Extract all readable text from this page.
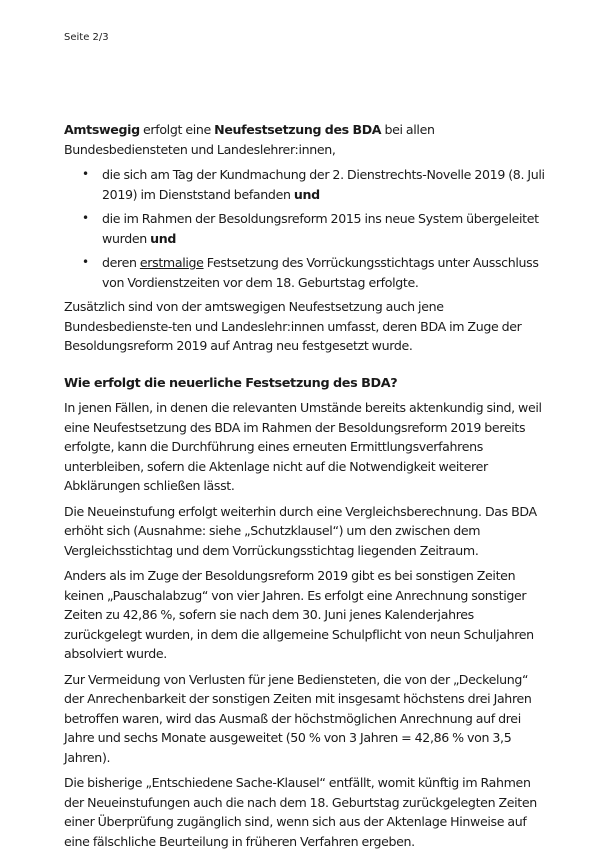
Seite 2/3

Amtswegig erfolgt eine Neufestsetzung des BDA bei allen Bundesbediensteten und Landeslehrer:innen,

• die sich am Tag der Kundmachung der 2. Dienstrechts-Novelle 2019 (8. Juli 2019) im Dienststand befanden und
• die im Rahmen der Besoldungsreform 2015 ins neue System übergeleitet wurden und
• deren erstmalige Festsetzung des Vorrückungsstichtags unter Ausschluss von Vordienstzeiten vor dem 18. Geburtstag erfolgte.

Zusätzlich sind von der amtswegigen Neufestsetzung auch jene Bundesbedienste-ten und Landeslehr:innen umfasst, deren BDA im Zuge der Besoldungsreform 2019 auf Antrag neu festgesetzt wurde.

Wie erfolgt die neuerliche Festsetzung des BDA?

In jenen Fällen, in denen die relevanten Umstände bereits aktenkundig sind, weil eine Neufestsetzung des BDA im Rahmen der Besoldungsreform 2019 bereits erfolgte, kann die Durchführung eines erneuten Ermittlungsverfahrens unterbleiben, sofern die Aktenlage nicht auf die Notwendigkeit weiterer Abklärungen schließen lässt.

Die Neueinstufung erfolgt weiterhin durch eine Vergleichsberechnung. Das BDA erhöht sich (Ausnahme: siehe „Schutzklausel“) um den zwischen dem Vergleichsstichtag und dem Vorrückungsstichtag liegenden Zeitraum.

Anders als im Zuge der Besoldungsreform 2019 gibt es bei sonstigen Zeiten keinen „Pauschalabzug“ von vier Jahren. Es erfolgt eine Anrechnung sonstiger Zeiten zu 42,86 %, sofern sie nach dem 30. Juni jenes Kalenderjahres zurückgelegt wurden, in dem die allgemeine Schulpflicht von neun Schuljahren absolviert wurde.

Zur Vermeidung von Verlusten für jene Bediensteten, die von der „Deckelung“ der Anrechenbarkeit der sonstigen Zeiten mit insgesamt höchstens drei Jahren betroffen waren, wird das Ausmaß der höchstmöglichen Anrechnung auf drei Jahre und sechs Monate ausgeweitet (50 % von 3 Jahren = 42,86 % von 3,5 Jahren).

Die bisherige „Entschiedene Sache-Klausel“ entfällt, womit künftig im Rahmen der Neueinstufungen auch die nach dem 18. Geburtstag zurückgelegten Zeiten einer Überprüfung zugänglich sind, wenn sich aus der Aktenlage Hinweise auf eine fälschliche Beurteilung in früheren Verfahren ergeben.
